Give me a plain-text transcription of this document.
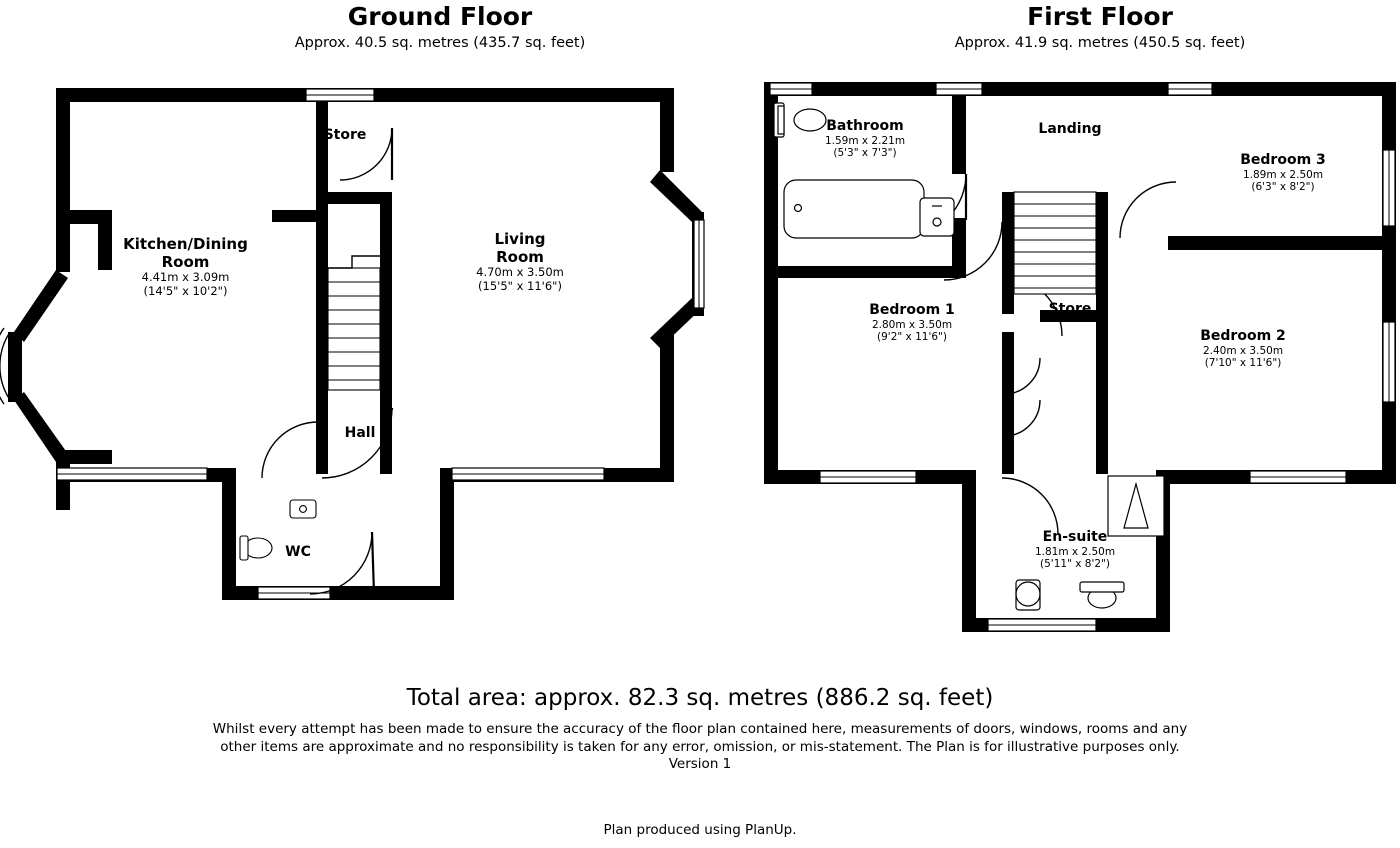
Ground Floor
Approx. 40.5 sq. metres (435.7 sq. feet)
First Floor
Approx. 41.9 sq. metres (450.5 sq. feet)
Store
Kitchen/Dining
Room
4.41m x 3.09m
(14'5" x 10'2")
Living
Room
4.70m x 3.50m
(15'5" x 11'6")
Hall
WC
Bathroom
1.59m x 2.21m
(5'3" x 7'3")
Landing
Bedroom 3
1.89m x 2.50m
(6'3" x 8'2")
Bedroom 1
2.80m x 3.50m
(9'2" x 11'6")
Store
Bedroom 2
2.40m x 3.50m
(7'10" x 11'6")
En-suite
1.81m x 2.50m
(5'11" x 8'2")
Total area: approx. 82.3 sq. metres (886.2 sq. feet)
Whilst every attempt has been made to ensure the accuracy of the floor plan contained here, measurements of doors, windows, rooms and any
other items are approximate and no responsibility is taken for any error, omission, or mis-statement. The Plan is for illustrative purposes only.
Version 1
Plan produced using PlanUp.
